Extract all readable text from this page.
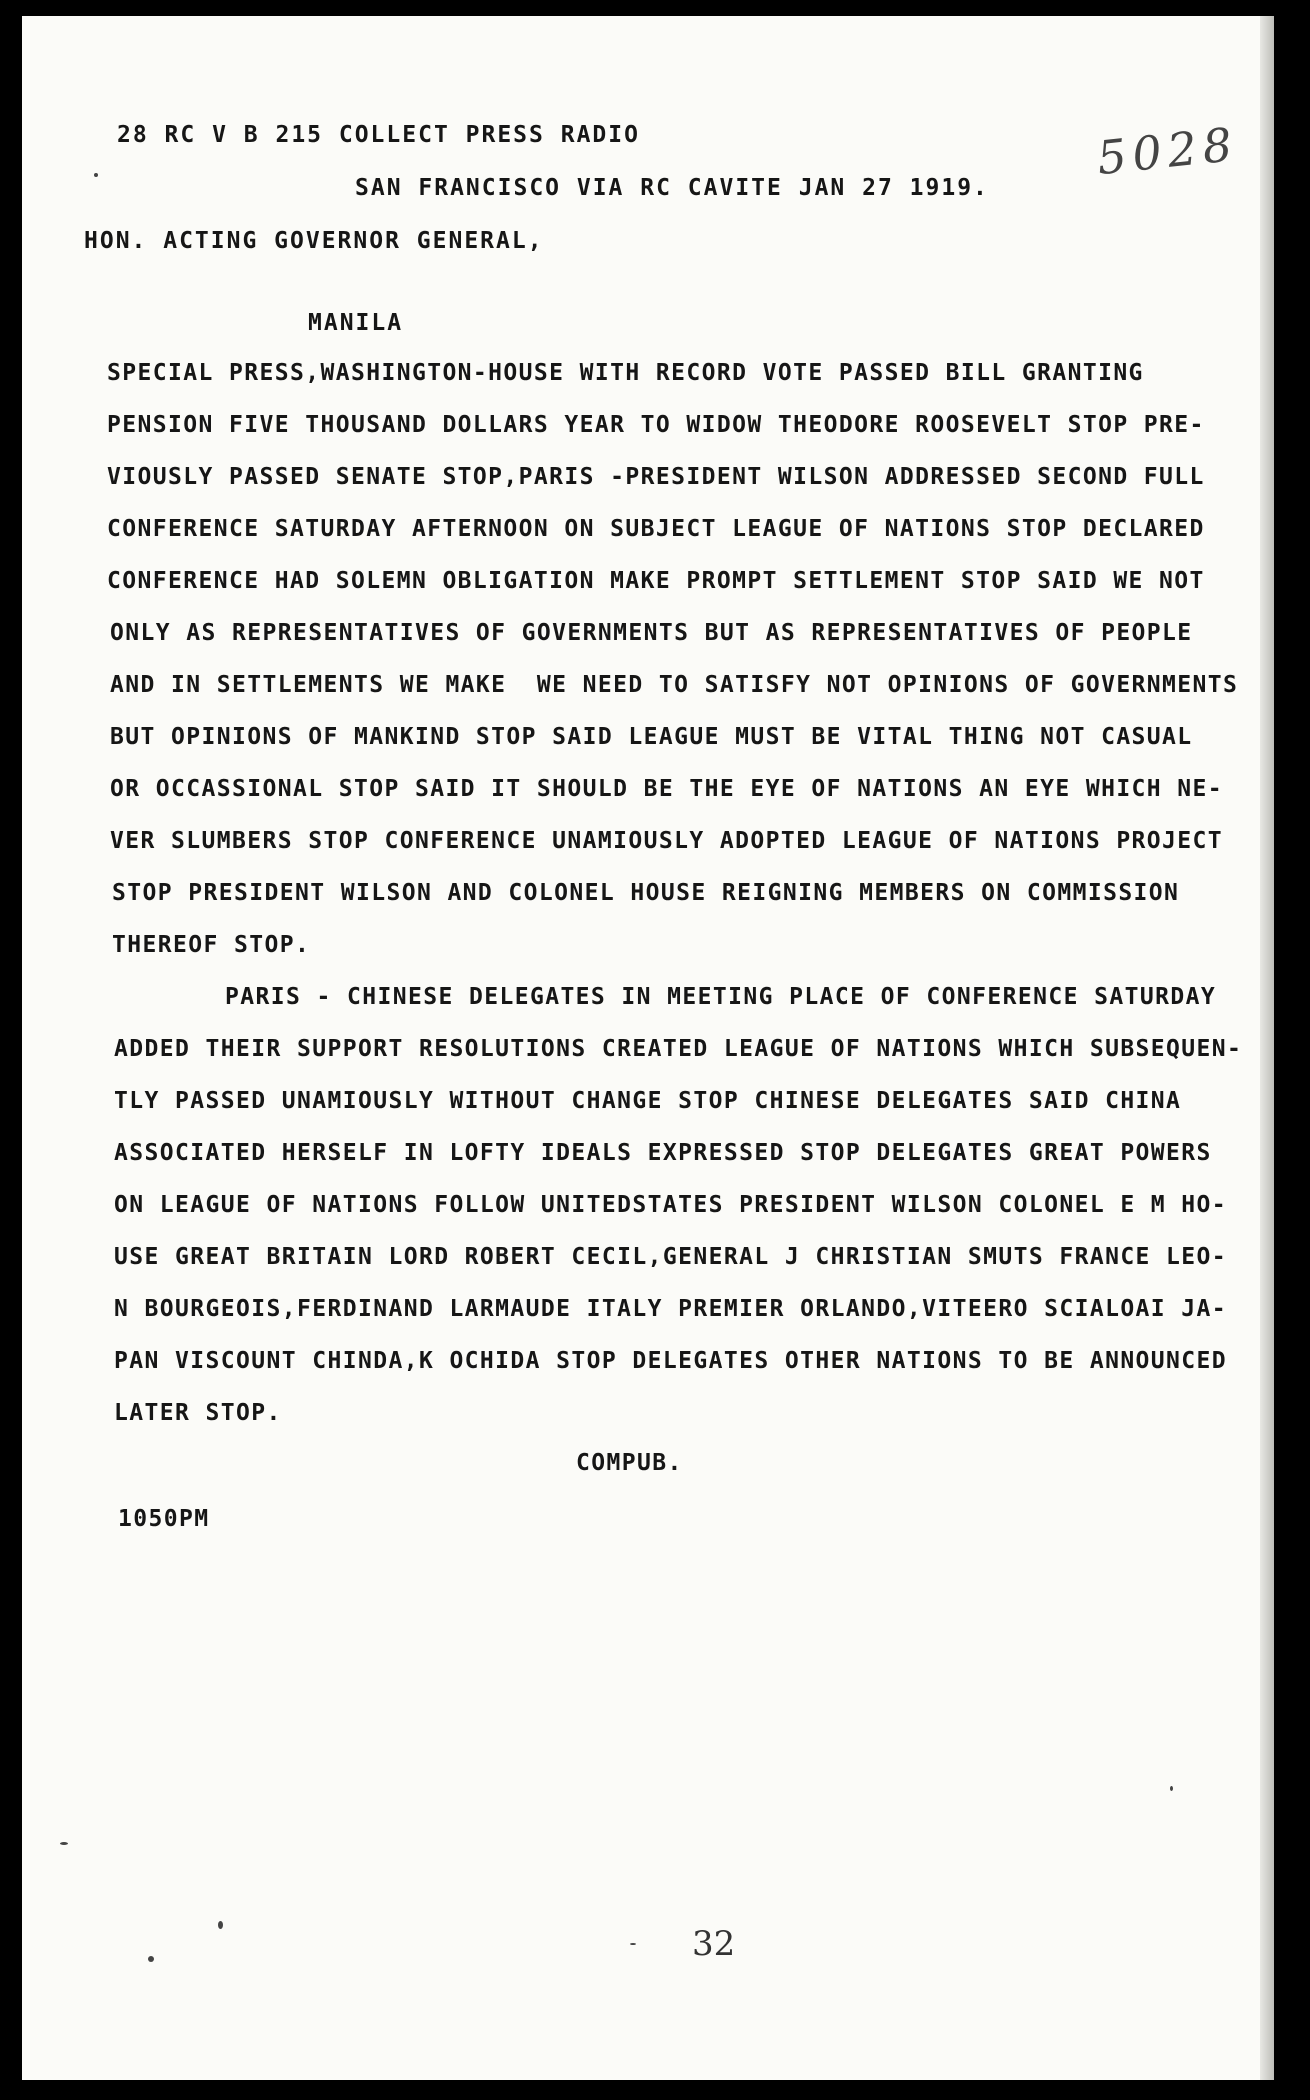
28 RC V B 215 COLLECT PRESS RADIO	5028
SAN FRANCISCO VIA RC CAVITE JAN 27 1919.
HON. ACTING GOVERNOR GENERAL,
MANILA
SPECIAL PRESS,WASHINGTON-HOUSE WITH RECORD VOTE PASSED BILL GRANTING
PENSION FIVE THOUSAND DOLLARS YEAR TO WIDOW THEODORE ROOSEVELT STOP PRE-
VIOUSLY PASSED SENATE STOP,PARIS -PRESIDENT WILSON ADDRESSED SECOND FULL
CONFERENCE SATURDAY AFTERNOON ON SUBJECT LEAGUE OF NATIONS STOP DECLARED
CONFERENCE HAD SOLEMN OBLIGATION MAKE PROMPT SETTLEMENT STOP SAID WE NOT
ONLY AS REPRESENTATIVES OF GOVERNMENTS BUT AS REPRESENTATIVES OF PEOPLE
AND IN SETTLEMENTS WE MAKE  WE NEED TO SATISFY NOT OPINIONS OF GOVERNMENTS
BUT OPINIONS OF MANKIND STOP SAID LEAGUE MUST BE VITAL THING NOT CASUAL
OR OCCASSIONAL STOP SAID IT SHOULD BE THE EYE OF NATIONS AN EYE WHICH NE-
VER SLUMBERS STOP CONFERENCE UNAMIOUSLY ADOPTED LEAGUE OF NATIONS PROJECT
STOP PRESIDENT WILSON AND COLONEL HOUSE REIGNING MEMBERS ON COMMISSION
THEREOF STOP.
PARIS - CHINESE DELEGATES IN MEETING PLACE OF CONFERENCE SATURDAY
ADDED THEIR SUPPORT RESOLUTIONS CREATED LEAGUE OF NATIONS WHICH SUBSEQUEN-
TLY PASSED UNAMIOUSLY WITHOUT CHANGE STOP CHINESE DELEGATES SAID CHINA
ASSOCIATED HERSELF IN LOFTY IDEALS EXPRESSED STOP DELEGATES GREAT POWERS
ON LEAGUE OF NATIONS FOLLOW UNITEDSTATES PRESIDENT WILSON COLONEL E M HO-
USE GREAT BRITAIN LORD ROBERT CECIL,GENERAL J CHRISTIAN SMUTS FRANCE LEO-
N BOURGEOIS,FERDINAND LARMAUDE ITALY PREMIER ORLANDO,VITEERO SCIALOAI JA-
PAN VISCOUNT CHINDA,K OCHIDA STOP DELEGATES OTHER NATIONS TO BE ANNOUNCED
LATER STOP.
COMPUB.
1050PM
32
